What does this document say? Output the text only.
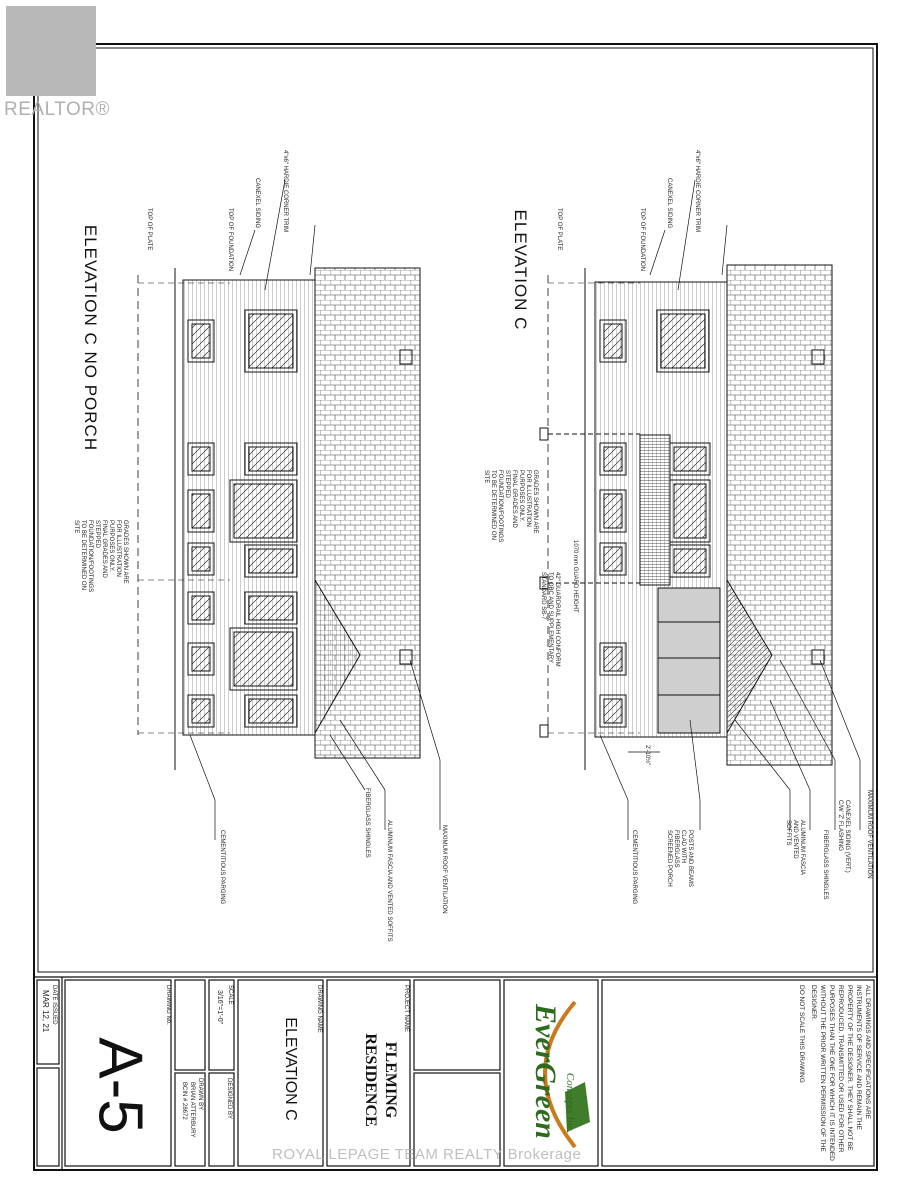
REALTOR®
ELEVATION C NO PORCH	ELEVATION C
TOP OF PLATE	TOP OF FOUNDATION
CANEXEL SIDING	4"x6" HARDIE CORNER TRIM
GRADES SHOWN ARE FOR ILLUSTRATION PURPOSES ONLY. FINAL GRADES AND STEPPED FOUNDATION/FOOTINGS TO BE DETERMINED ON SITE
CEMENTITIOUS PARGING	ALUMINUM FASCIA AND VENTED SOFFITS
FIBERGLASS SHINGLES
MAXIMUM ROOF VENTILATION
TOP OF PLATE	TOP OF FOUNDATION
CANEXEL SIDING	4"x6" HARDIE CORNER TRIM
GRADES SHOWN ARE FOR ILLUSTRATION PURPOSES ONLY. FINAL GRADES AND STEPPED FOUNDATION/FOOTINGS TO BE DETERMINED ON SITE
1070 mm GUARD HEIGHT
42" GUARDRAIL HIGH CONFORM TO OBC AND SUPPLEMENTARY STANDARD SB-7
2'-10½"
CEMENTITIOUS PARGING	POSTS AND BEAMS CLAD WITH FIBERGLASS SCREENED PORCH	ALUMINUM FASCIA AND VENTED SOFFITS	FIBERGLASS SHINGLES	CANEXEL SIDING (VERT.) C/W 'Z' FLASHING	MAXIMUM ROOF VENTILATION
DATE ISSUED
MAR 12, 21
A-5
DRAWING No.	SCALE
3/16"=1'-0"
DRAWN BY
BRIAN ATTERBURY
BCIN # 28672	DESIGNED BY
DRAWING NAME
ELEVATION C
PROJECT NAME
FLEMING RESIDENCE	EverGreen Concepts Inc.	ALL DRAWINGS AND SPECIFICATIONS ARE INSTRUMENTS OF SERVICE AND REMAIN THE PROPERTY OF THE DESIGNER. THEY SHALL NOT BE REPRODUCED, TRANSMITTED OR USED FOR OTHER PURPOSES THAN THE ONE FOR WHICH IT IS INTENDED WITHOUT THE PRIOR WRITTEN PERMISSION OF THE DESIGNER.
DO NOT SCALE THIS DRAWING
ROYAL LEPAGE TEAM REALTY Brokerage
